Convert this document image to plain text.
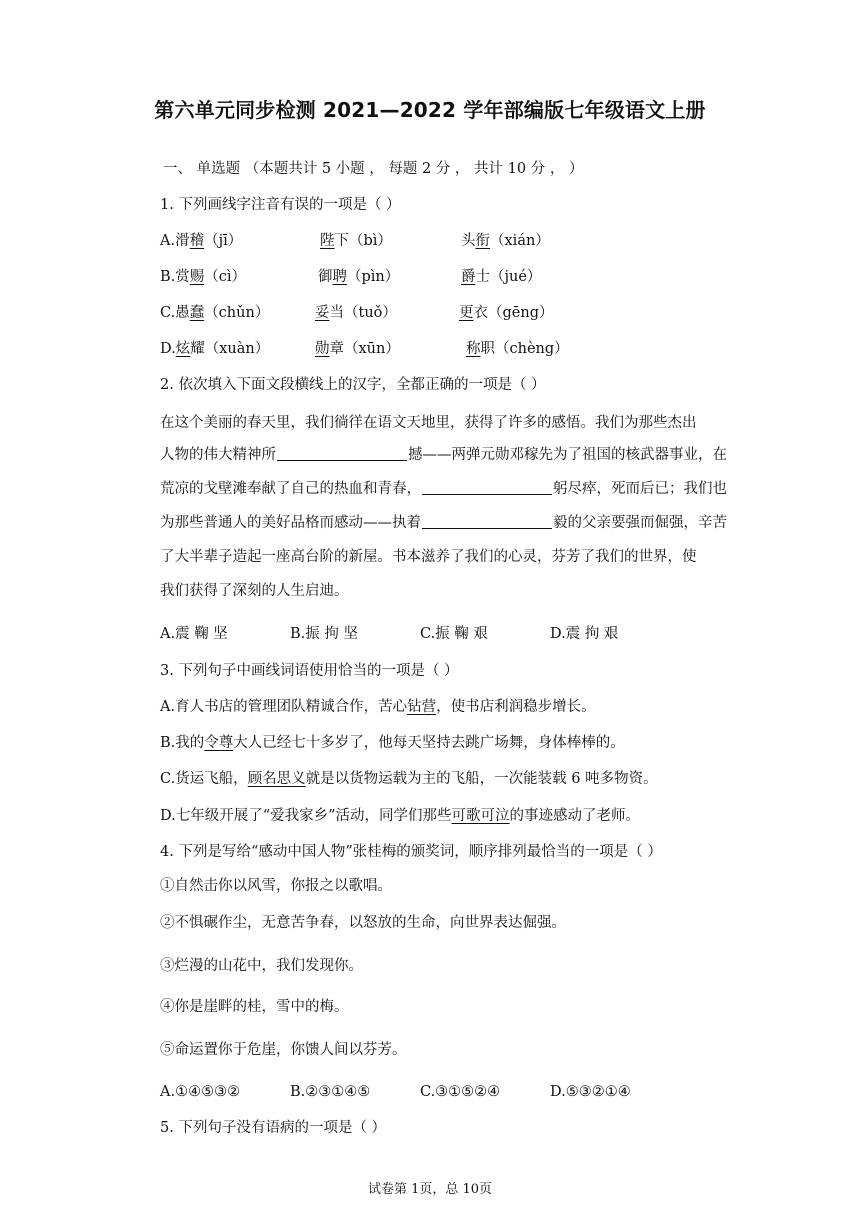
第六单元同步检测 2021—2022 学年部编版七年级语文上册
一、 单选题 （本题共计 5 小题 ， 每题 2 分 ， 共计 10 分 ， ）
1. 下列画线字注音有误的一项是（ ）
A.滑稽（jī）	陛下（bì）	头衔（xián）
B.赏赐（cì）	御聘（pìn）	爵士（jué）
C.愚蠢（chǔn）	妥当（tuǒ）	更衣（gēng）
D.炫耀（xuàn）	勋章（xūn）	称职（chèng）
2. 依次填入下面文段横线上的汉字，全都正确的一项是（ ）
在这个美丽的春天里，我们徜徉在语文天地里，获得了许多的感悟。我们为那些杰出
人物的伟大精神所	撼——两弹元勋邓稼先为了祖国的核武器事业，在
荒凉的戈壁滩奉献了自己的热血和青春，	躬尽瘁，死而后已；我们也
为那些普通人的美好品格而感动——执着	毅的父亲要强而倔强，辛苦
了大半辈子造起一座高台阶的新屋。书本滋养了我们的心灵，芬芳了我们的世界，使
我们获得了深刻的人生启迪。
A.震 鞠 坚	B.振 拘 坚	C.振 鞠 艰	D.震 拘 艰
3. 下列句子中画线词语使用恰当的一项是（ ）
A.育人书店的管理团队精诚合作，苦心钻营，使书店利润稳步增长。
B.我的令尊大人已经七十多岁了，他每天坚持去跳广场舞，身体棒棒的。
C.货运飞船，顾名思义就是以货物运载为主的飞船，一次能装载 6 吨多物资。
D.七年级开展了“爱我家乡”活动，同学们那些可歌可泣的事迹感动了老师。
4. 下列是写给“感动中国人物”张桂梅的颁奖词，顺序排列最恰当的一项是（ ）
①自然击你以风雪，你报之以歌唱。
②不惧碾作尘，无意苦争春，以怒放的生命，向世界表达倔强。
③烂漫的山花中，我们发现你。
④你是崖畔的桂，雪中的梅。
⑤命运置你于危崖，你馈人间以芬芳。
A.①④⑤③②	B.②③①④⑤	C.③①⑤②④	D.⑤③②①④
5. 下列句子没有语病的一项是（ ）
试卷第 1页，总 10页
